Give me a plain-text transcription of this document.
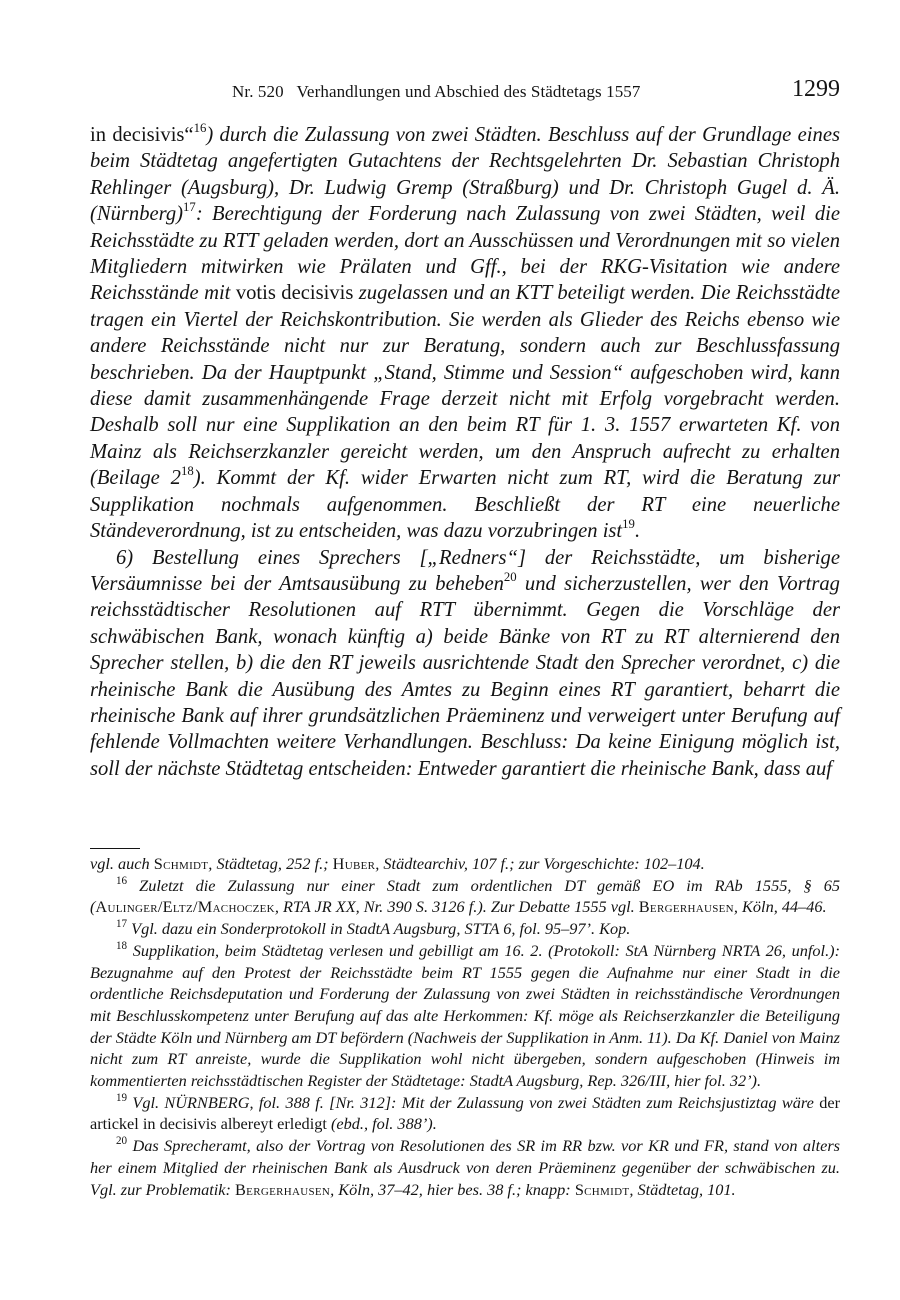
Nr. 520   Verhandlungen und Abschied des Städtetags 1557	1299

in decisivis“$^{16}$) durch die Zulassung von zwei Städten. Beschluss auf der Grundlage eines beim Städtetag angefertigten Gutachtens der Rechtsgelehrten Dr. Sebastian Christoph Rehlinger (Augsburg), Dr. Ludwig Gremp (Straßburg) und Dr. Christoph Gugel d. Ä. (Nürnberg)$^{17}$: Berechtigung der Forderung nach Zulassung von zwei Städten, weil die Reichsstädte zu RTT geladen werden, dort an Ausschüssen und Verordnungen mit so vielen Mitgliedern mitwirken wie Prälaten und Gff., bei der RKG-Visitation wie andere Reichsstände mit votis decisivis zugelassen und an KTT beteiligt werden. Die Reichsstädte tragen ein Viertel der Reichskontribution. Sie werden als Glieder des Reichs ebenso wie andere Reichsstände nicht nur zur Beratung, sondern auch zur Beschlussfassung beschrieben. Da der Hauptpunkt „Stand, Stimme und Session“ aufgeschoben wird, kann diese damit zusammenhängende Frage derzeit nicht mit Erfolg vorgebracht werden. Deshalb soll nur eine Supplikation an den beim RT für 1. 3. 1557 erwarteten Kf. von Mainz als Reichserzkanzler gereicht werden, um den Anspruch aufrecht zu erhalten (Beilage $2^{18}$). Kommt der Kf. wider Erwarten nicht zum RT, wird die Beratung zur Supplikation nochmals aufgenommen. Beschließt der RT eine neuerliche Ständeverordnung, ist zu entscheiden, was dazu vorzubringen ist$^{19}$.

6) Bestellung eines Sprechers [„Redners“] der Reichsstädte, um bisherige Versäumnisse bei der Amtsausübung zu beheben$^{20}$ und sicherzustellen, wer den Vortrag reichsstädtischer Resolutionen auf RTT übernimmt. Gegen die Vorschläge der schwäbischen Bank, wonach künftig a) beide Bänke von RT zu RT alternierend den Sprecher stellen, b) die den RT jeweils ausrichtende Stadt den Sprecher verordnet, c) die rheinische Bank die Ausübung des Amtes zu Beginn eines RT garantiert, beharrt die rheinische Bank auf ihrer grundsätzlichen Präeminenz und verweigert unter Berufung auf fehlende Vollmachten weitere Verhandlungen. Beschluss: Da keine Einigung möglich ist, soll der nächste Städtetag entscheiden: Entweder garantiert die rheinische Bank, dass auf

vgl. auch Schmidt, Städtetag, 252 f.; Huber, Städtearchiv, 107 f.; zur Vorgeschichte: 102–104.

$^{16}$ Zuletzt die Zulassung nur einer Stadt zum ordentlichen DT gemäß EO im RAb 1555, § 65 (Aulinger/Eltz/Machoczek, RTA JR XX, Nr. 390 S. 3126 f.). Zur Debatte 1555 vgl. Bergerhausen, Köln, 44–46.

$^{17}$ Vgl. dazu ein Sonderprotokoll in StadtA Augsburg, STTA 6, fol. 95–97’. Kop.

$^{18}$ Supplikation, beim Städtetag verlesen und gebilligt am 16. 2. (Protokoll: StA Nürnberg NRTA 26, unfol.): Bezugnahme auf den Protest der Reichsstädte beim RT 1555 gegen die Aufnahme nur einer Stadt in die ordentliche Reichsdeputation und Forderung der Zulassung von zwei Städten in reichsständische Verordnungen mit Beschlusskompetenz unter Berufung auf das alte Herkommen: Kf. möge als Reichserzkanzler die Beteiligung der Städte Köln und Nürnberg am DT befördern (Nachweis der Supplikation in Anm. 11). Da Kf. Daniel von Mainz nicht zum RT anreiste, wurde die Supplikation wohl nicht übergeben, sondern aufgeschoben (Hinweis im kommentierten reichsstädtischen Register der Städtetage: StadtA Augsburg, Rep. 326/III, hier fol. 32’).

$^{19}$ Vgl. NÜRNBERG, fol. 388 f. [Nr. 312]: Mit der Zulassung von zwei Städten zum Reichsjustiztag wäre der artickel in decisivis albereyt erledigt (ebd., fol. 388’).

$^{20}$ Das Sprecheramt, also der Vortrag von Resolutionen des SR im RR bzw. vor KR und FR, stand von alters her einem Mitglied der rheinischen Bank als Ausdruck von deren Präeminenz gegenüber der schwäbischen zu. Vgl. zur Problematik: Bergerhausen, Köln, 37–42, hier bes. 38 f.; knapp: Schmidt, Städtetag, 101.
